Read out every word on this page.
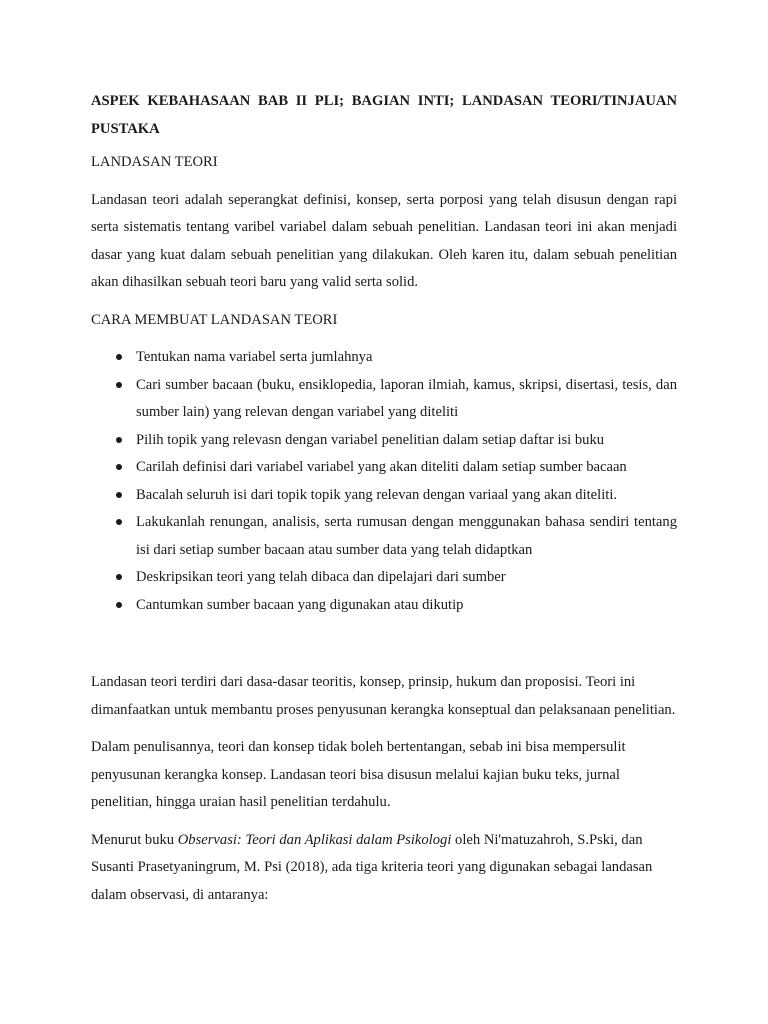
ASPEK KEBAHASAAN BAB II PLI; BAGIAN INTI; LANDASAN TEORI/TINJAUAN PUSTAKA
LANDASAN TEORI
Landasan teori adalah seperangkat definisi, konsep, serta porposi yang telah disusun dengan rapi serta sistematis tentang varibel variabel dalam sebuah penelitian. Landasan teori ini akan menjadi dasar yang kuat dalam sebuah penelitian yang dilakukan. Oleh karen itu, dalam sebuah penelitian akan dihasilkan sebuah teori baru yang valid serta solid.
CARA MEMBUAT LANDASAN TEORI
Tentukan nama variabel serta jumlahnya
Cari sumber bacaan (buku, ensiklopedia, laporan ilmiah, kamus, skripsi, disertasi, tesis, dan sumber lain) yang relevan dengan variabel yang diteliti
Pilih topik yang relevasn dengan variabel penelitian dalam setiap daftar isi buku
Carilah definisi dari variabel variabel yang akan diteliti dalam setiap sumber bacaan
Bacalah seluruh isi dari topik topik yang relevan dengan variaal yang akan diteliti.
Lakukanlah renungan, analisis, serta rumusan dengan menggunakan bahasa sendiri tentang isi dari setiap sumber bacaan atau sumber data yang telah didaptkan
Deskripsikan teori yang telah dibaca dan dipelajari dari sumber
Cantumkan sumber bacaan yang digunakan atau dikutip
Landasan teori terdiri dari dasa-dasar teoritis, konsep, prinsip, hukum dan proposisi. Teori ini dimanfaatkan untuk membantu proses penyusunan kerangka konseptual dan pelaksanaan penelitian.
Dalam penulisannya, teori dan konsep tidak boleh bertentangan, sebab ini bisa mempersulit penyusunan kerangka konsep. Landasan teori bisa disusun melalui kajian buku teks, jurnal penelitian, hingga uraian hasil penelitian terdahulu.
Menurut buku Observasi: Teori dan Aplikasi dalam Psikologi oleh Ni'matuzahroh, S.Pski, dan Susanti Prasetyaningrum, M. Psi (2018), ada tiga kriteria teori yang digunakan sebagai landasan dalam observasi, di antaranya:
